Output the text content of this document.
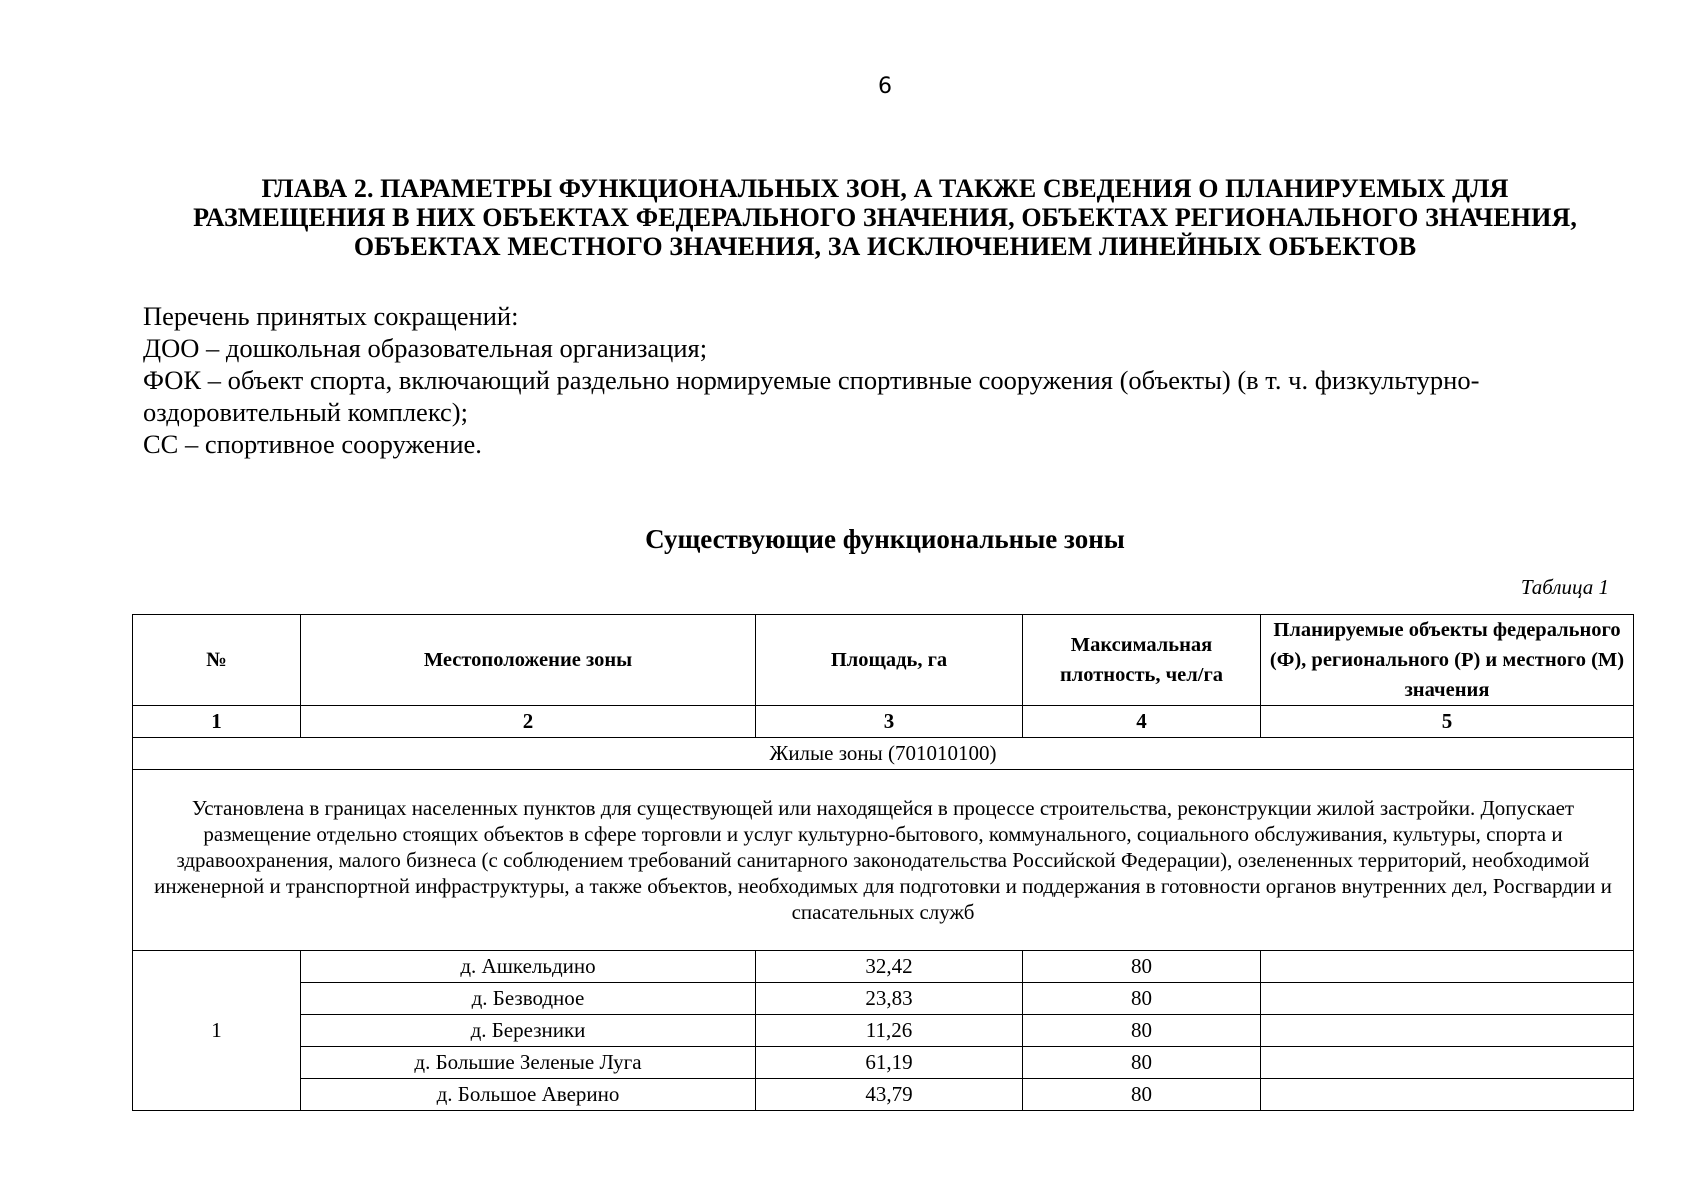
6
ГЛАВА 2. ПАРАМЕТРЫ ФУНКЦИОНАЛЬНЫХ ЗОН, А ТАКЖЕ СВЕДЕНИЯ О ПЛАНИРУЕМЫХ ДЛЯ РАЗМЕЩЕНИЯ В НИХ ОБЪЕКТАХ ФЕДЕРАЛЬНОГО ЗНАЧЕНИЯ, ОБЪЕКТАХ РЕГИОНАЛЬНОГО ЗНАЧЕНИЯ, ОБЪЕКТАХ МЕСТНОГО ЗНАЧЕНИЯ, ЗА ИСКЛЮЧЕНИЕМ ЛИНЕЙНЫХ ОБЪЕКТОВ
Перечень принятых сокращений:
ДОО – дошкольная образовательная организация;
ФОК – объект спорта, включающий раздельно нормируемые спортивные сооружения (объекты) (в т. ч. физкультурно-оздоровительный комплекс);
СС – спортивное сооружение.
Существующие функциональные зоны
Таблица 1
№	Местоположение зоны	Площадь, га	Максимальная плотность, чел/га	Планируемые объекты федерального (Ф), регионального (Р) и местного (М) значения
1	2	3	4	5
Жилые зоны (701010100)				
Установлена в границах населенных пунктов для существующей или находящейся в процессе строительства, реконструкции жилой застройки. Допускает размещение отдельно стоящих объектов в сфере торговли и услуг культурно-бытового, коммунального, социального обслуживания, культуры, спорта и здравоохранения, малого бизнеса (с соблюдением требований санитарного законодательства Российской Федерации), озелененных территорий, необходимой инженерной и транспортной инфраструктуры, а также объектов, необходимых для подготовки и поддержания в готовности органов внутренних дел, Росгвардии и спасательных служб				
1	д. Ашкельдино	32,42	80	
	д. Безводное	23,83	80	
	д. Березники	11,26	80	
	д. Большие Зеленые Луга	61,19	80	
	д. Большое Аверино	43,79	80	
